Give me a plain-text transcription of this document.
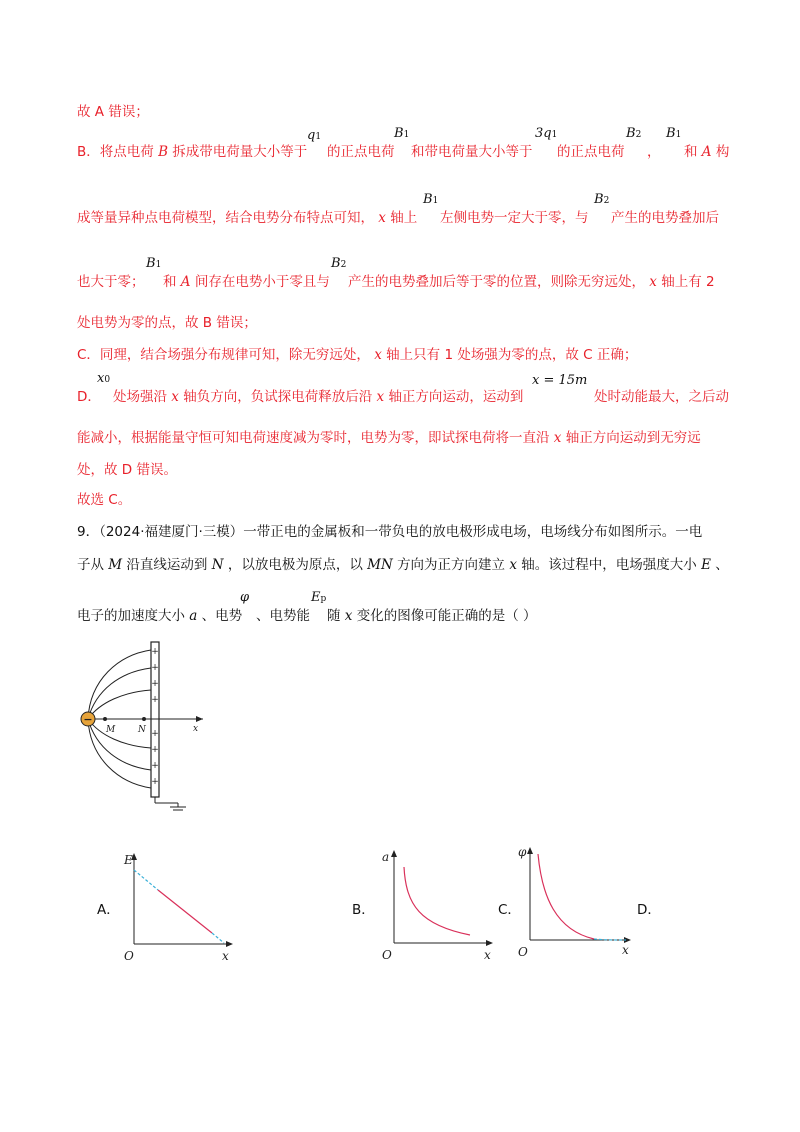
故 A 错误；
B．将点电荷 B 拆成带电荷量大小等于
q1
的正点电荷
B1
和带电荷量大小等于
3q1
的正点电荷
B2
，
B1
和 A 构
成等量异种点电荷模型，结合电势分布特点可知， x 轴上
B1
左侧电势一定大于零，与
B2
产生的电势叠加后
也大于零；
B1
和 A 间存在电势小于零且与
B2
产生的电势叠加后等于零的位置，则除无穷远处， x 轴上有 2
处电势为零的点，故 B 错误；
C．同理，结合场强分布规律可知，除无穷远处， x 轴上只有 1 处场强为零的点，故 C 正确；
D．
x0
处场强沿 x 轴负方向，负试探电荷释放后沿 x 轴正方向运动，运动到
x = 15m
处时动能最大，之后动
能减小，根据能量守恒可知电荷速度减为零时，电势为零，即试探电荷将一直沿 x 轴正方向运动到无穷远
处，故 D 错误。
故选 C。
9．（2024·福建厦门·三模）一带正电的金属板和一带负电的放电极形成电场，电场线分布如图所示。一电
子从 M 沿直线运动到 N ，以放电极为原点，以 MN 方向为正方向建立 x 轴。该过程中，电场强度大小 E 、
电子的加速度大小 a 、电势
φ
、电势能
Ep
随 x 变化的图像可能正确的是（ ）
+
+
+
+
+
+
+
+
−
M	N	x
A．	B．	C．	D．
E
O	x
a
O	x
φ
O	x
